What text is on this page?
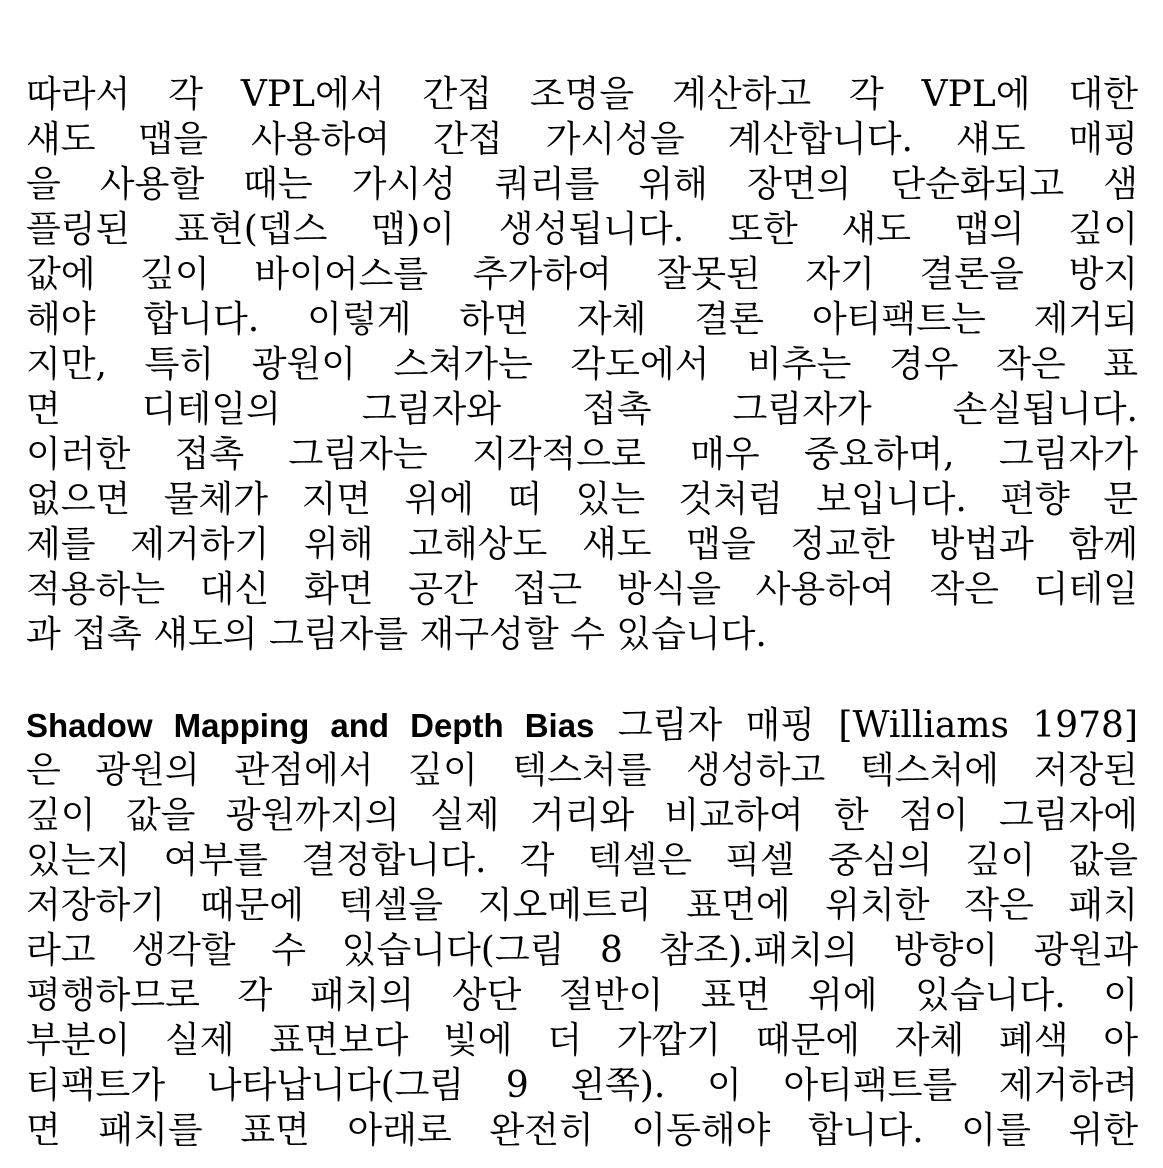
따라서 각 VPL에서 간접 조명을 계산하고 각 VPL에 대한
섀도 맵을 사용하여 간접 가시성을 계산합니다. 섀도 매핑
을 사용할 때는 가시성 쿼리를 위해 장면의 단순화되고 샘
플링된 표현(뎁스 맵)이 생성됩니다. 또한 섀도 맵의 깊이
값에 깊이 바이어스를 추가하여 잘못된 자기 결론을 방지
해야 합니다. 이렇게 하면 자체 결론 아티팩트는 제거되
지만, 특히 광원이 스쳐가는 각도에서 비추는 경우 작은 표
면 디테일의 그림자와 접촉 그림자가 손실됩니다.
이러한 접촉 그림자는 지각적으로 매우 중요하며, 그림자가
없으면 물체가 지면 위에 떠 있는 것처럼 보입니다. 편향 문
제를 제거하기 위해 고해상도 섀도 맵을 정교한 방법과 함께
적용하는 대신 화면 공간 접근 방식을 사용하여 작은 디테일
과 접촉 섀도의 그림자를 재구성할 수 있습니다.
Shadow Mapping and Depth Bias 그림자 매핑 [Williams 1978]
은 광원의 관점에서 깊이 텍스처를 생성하고 텍스처에 저장된
깊이 값을 광원까지의 실제 거리와 비교하여 한 점이 그림자에
있는지 여부를 결정합니다. 각 텍셀은 픽셀 중심의 깊이 값을
저장하기 때문에 텍셀을 지오메트리 표면에 위치한 작은 패치
라고 생각할 수 있습니다(그림 8 참조).패치의 방향이 광원과
평행하므로 각 패치의 상단 절반이 표면 위에 있습니다. 이
부분이 실제 표면보다 빛에 더 가깝기 때문에 자체 폐색 아
티팩트가 나타납니다(그림 9 왼쪽). 이 아티팩트를 제거하려
면 패치를 표면 아래로 완전히 이동해야 합니다. 이를 위한
